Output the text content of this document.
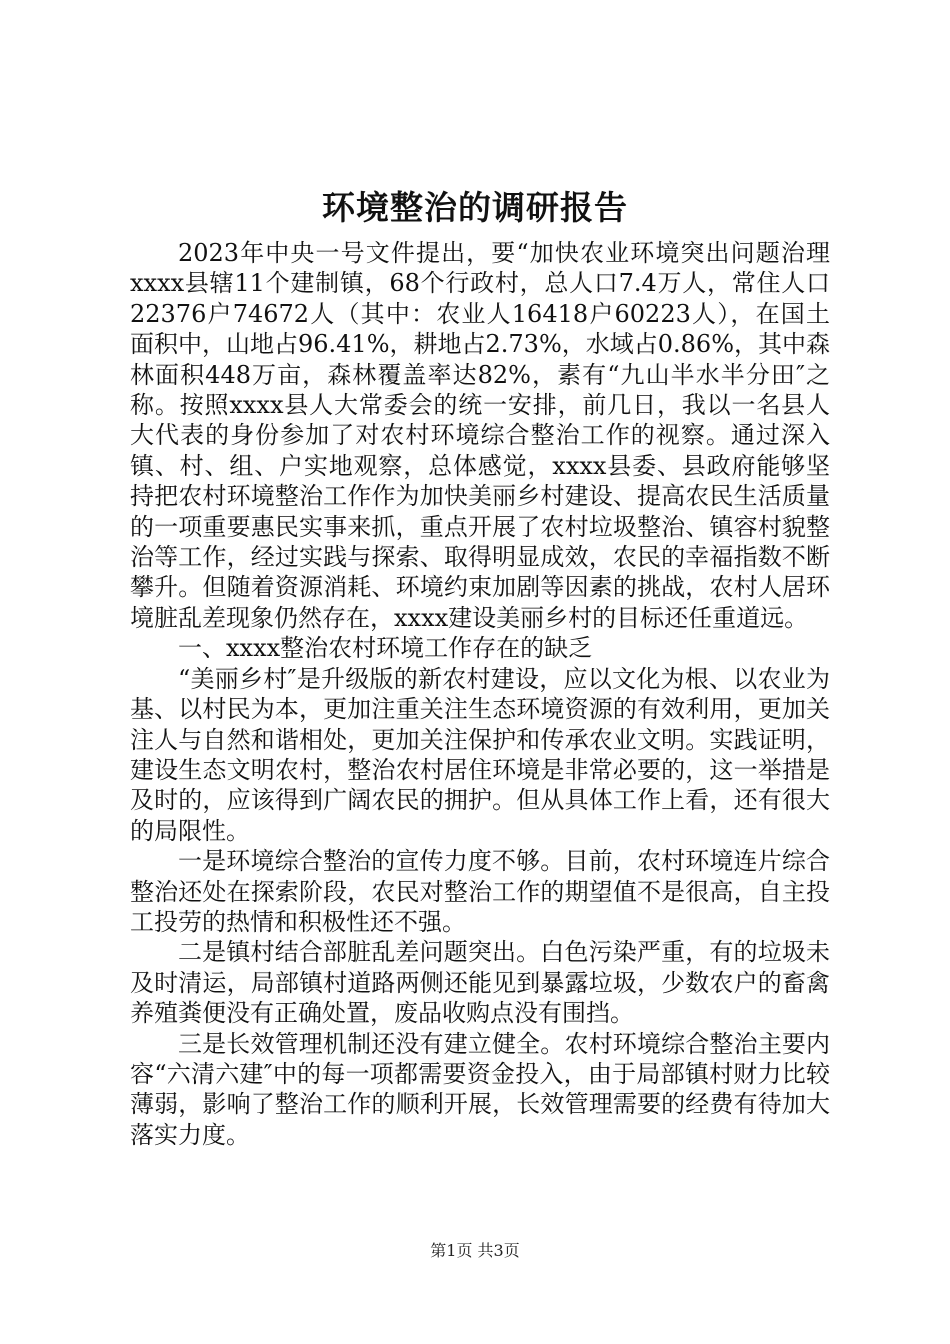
环境整治的调研报告

2023年中央一号文件提出，要“加快农业环境突出问题治理xxxx县辖11个建制镇，68个行政村，总人口7.4万人，常住人口22376户74672人（其中：农业人16418户60223人），在国土面积中，山地占96.41%，耕地占2.73%，水域占0.86%，其中森林面积448万亩，森林覆盖率达82%，素有“九山半水半分田″之称。按照xxxx县人大常委会的统一安排，前几日，我以一名县人大代表的身份参加了对农村环境综合整治工作的视察。通过深入镇、村、组、户实地观察，总体感觉，xxxx县委、县政府能够坚持把农村环境整治工作作为加快美丽乡村建设、提高农民生活质量的一项重要惠民实事来抓，重点开展了农村垃圾整治、镇容村貌整治等工作，经过实践与探索、取得明显成效，农民的幸福指数不断攀升。但随着资源消耗、环境约束加剧等因素的挑战，农村人居环境脏乱差现象仍然存在，xxxx建设美丽乡村的目标还任重道远。

一、xxxx整治农村环境工作存在的缺乏

“美丽乡村″是升级版的新农村建设，应以文化为根、以农业为基、以村民为本，更加注重关注生态环境资源的有效利用，更加关注人与自然和谐相处，更加关注保护和传承农业文明。实践证明，建设生态文明农村，整治农村居住环境是非常必要的，这一举措是及时的，应该得到广阔农民的拥护。但从具体工作上看，还有很大的局限性。

一是环境综合整治的宣传力度不够。目前，农村环境连片综合整治还处在探索阶段，农民对整治工作的期望值不是很高，自主投工投劳的热情和积极性还不强。

二是镇村结合部脏乱差问题突出。白色污染严重，有的垃圾未及时清运，局部镇村道路两侧还能见到暴露垃圾，少数农户的畜禽养殖粪便没有正确处置，废品收购点没有围挡。

三是长效管理机制还没有建立健全。农村环境综合整治主要内容“六清六建″中的每一项都需要资金投入，由于局部镇村财力比较薄弱，影响了整治工作的顺利开展，长效管理需要的经费有待加大落实力度。

第1页 共3页
